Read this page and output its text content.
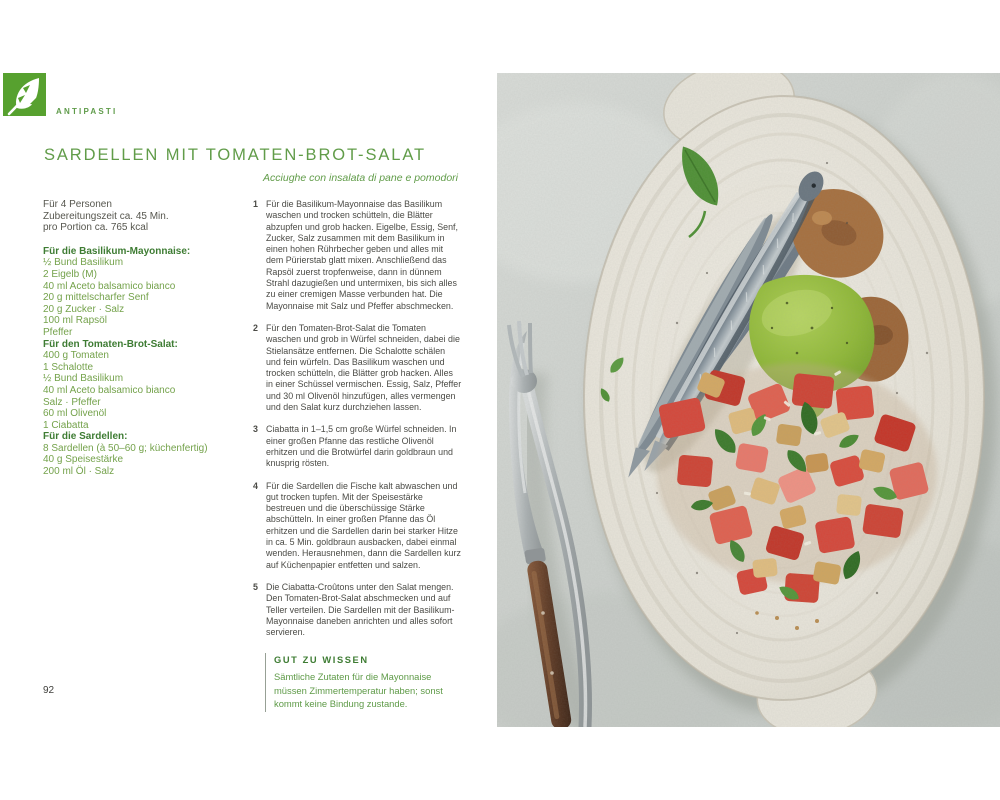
ANTIPASTI
SARDELLEN MIT TOMATEN-BROT-SALAT
Acciughe con insalata di pane e pomodori
Für 4 Personen
Zubereitungszeit ca. 45 Min.
pro Portion ca. 765 kcal
Für die Basilikum-Mayonnaise:
½ Bund Basilikum
2 Eigelb (M)
40 ml Aceto balsamico bianco
20 g mittelscharfer Senf
20 g Zucker · Salz
100 ml Rapsöl
Pfeffer
Für den Tomaten-Brot-Salat:
400 g Tomaten
1 Schalotte
½ Bund Basilikum
40 ml Aceto balsamico bianco
Salz · Pfeffer
60 ml Olivenöl
1 Ciabatta
Für die Sardellen:
8 Sardellen (à 50–60 g; küchenfertig)
40 g Speisestärke
200 ml Öl · Salz
1 Für die Basilikum-Mayonnaise das Basilikum waschen und trocken schütteln, die Blätter abzupfen und grob hacken. Eigelbe, Essig, Senf, Zucker, Salz zusammen mit dem Basilikum in einen hohen Rührbecher geben und alles mit dem Pürierstab glatt mixen. Anschließend das Rapsöl zuerst tropfenweise, dann in dünnem Strahl dazugießen und untermixen, bis sich alles zu einer cremigen Masse verbunden hat. Die Mayonnaise mit Salz und Pfeffer abschmecken.
2 Für den Tomaten-Brot-Salat die Tomaten waschen und grob in Würfel schneiden, dabei die Stielansätze entfernen. Die Schalotte schälen und fein würfeln. Das Basilikum waschen und trocken schütteln, die Blätter grob hacken. Alles in einer Schüssel vermischen. Essig, Salz, Pfeffer und 30 ml Olivenöl hinzufügen, alles vermengen und den Salat kurz durchziehen lassen.
3 Ciabatta in 1–1,5 cm große Würfel schneiden. In einer großen Pfanne das restliche Olivenöl erhitzen und die Brotwürfel darin goldbraun und knusprig rösten.
4 Für die Sardellen die Fische kalt abwaschen und gut trocken tupfen. Mit der Speisestärke bestreuen und die überschüssige Stärke abschütteln. In einer großen Pfanne das Öl erhitzen und die Sardellen darin bei starker Hitze in ca. 5 Min. goldbraun ausbacken, dabei einmal wenden. Herausnehmen, dann die Sardellen kurz auf Küchenpapier entfetten und salzen.
5 Die Ciabatta-Croûtons unter den Salat mengen. Den Tomaten-Brot-Salat abschmecken und auf Teller verteilen. Die Sardellen mit der Basilikum-Mayonnaise daneben anrichten und alles sofort servieren.
GUT ZU WISSEN
Sämtliche Zutaten für die Mayonnaise müssen Zimmertemperatur haben; sonst kommt keine Bindung zustande.
92
